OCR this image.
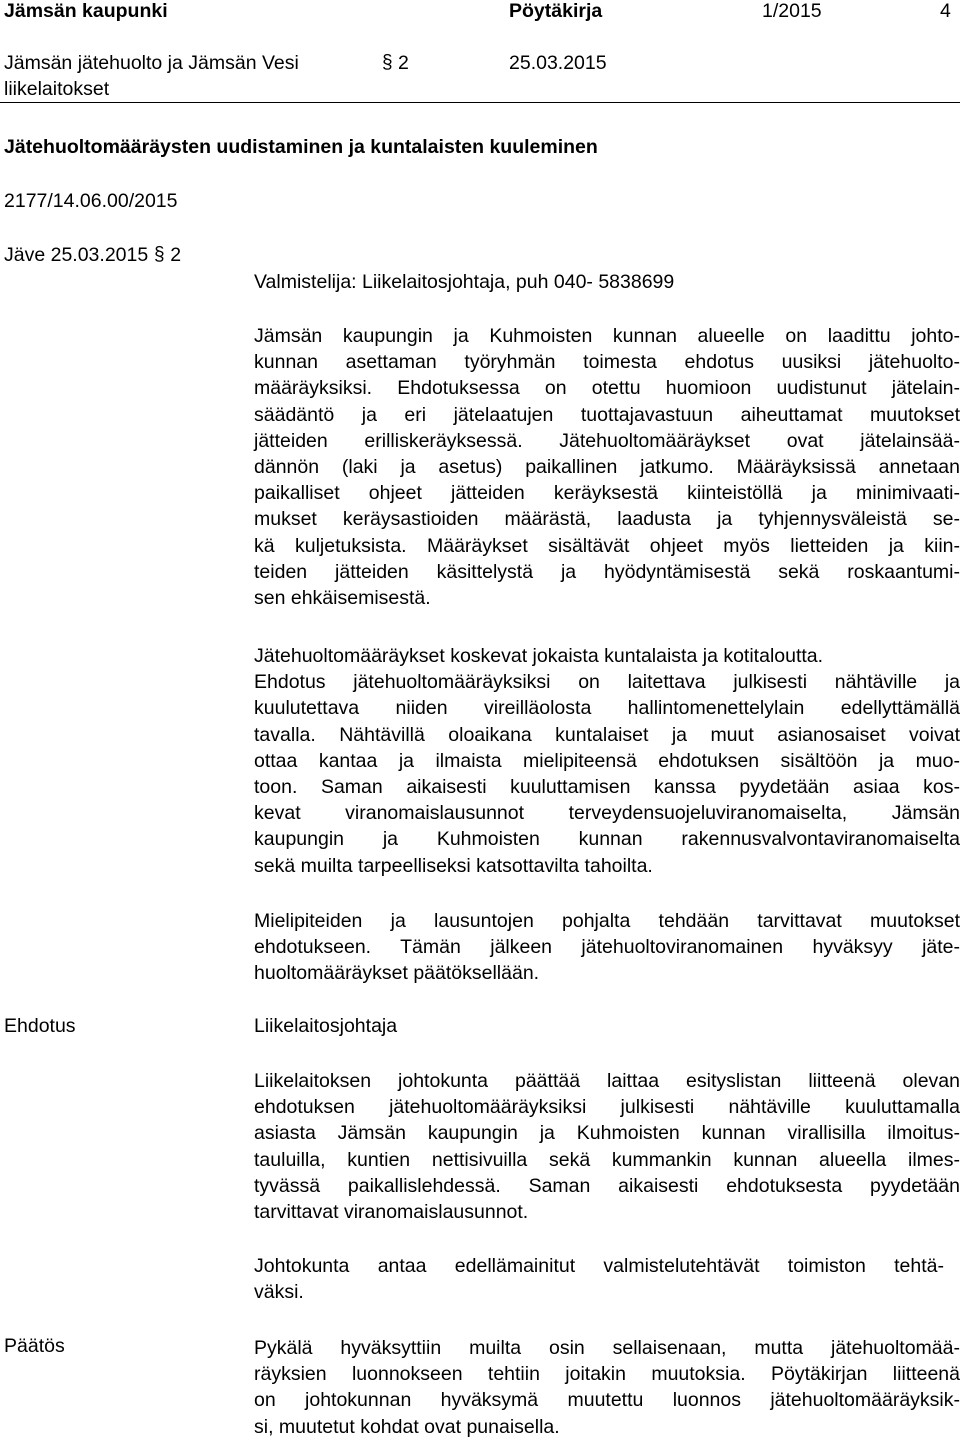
Jämsän kaupunki	Pöytäkirja	1/2015	4
Jämsän jätehuolto ja Jämsän Vesi
liikelaitokset
§ 2	25.03.2015
Jätehuoltomääräysten uudistaminen ja kuntalaisten kuuleminen
2177/14.06.00/2015
Jäve 25.03.2015 § 2
Valmistelija: Liikelaitosjohtaja, puh 040- 5838699
Jämsän kaupungin ja Kuhmoisten kunnan alueelle on laadittu johto-
kunnan asettaman työryhmän toimesta ehdotus uusiksi jätehuolto-
määräyksiksi. Ehdotuksessa on otettu huomioon uudistunut jätelain-
säädäntö ja eri jätelaatujen tuottajavastuun aiheuttamat muutokset
jätteiden erilliskeräyksessä. Jätehuoltomääräykset ovat jätelainsää-
dännön (laki ja asetus) paikallinen jatkumo. Määräyksissä annetaan
paikalliset ohjeet jätteiden keräyksestä kiinteistöllä ja minimivaati-
mukset keräysastioiden määrästä, laadusta ja tyhjennysväleistä se-
kä kuljetuksista. Määräykset sisältävät ohjeet myös lietteiden ja kiin-
teiden jätteiden käsittelystä ja hyödyntämisestä sekä roskaantumi-
sen ehkäisemisestä.
Jätehuoltomääräykset koskevat jokaista kuntalaista ja kotitaloutta.
Ehdotus jätehuoltomääräyksiksi on laitettava julkisesti nähtäville ja
kuulutettava niiden vireilläolosta hallintomenettelylain edellyttämällä
tavalla. Nähtävillä oloaikana kuntalaiset ja muut asianosaiset voivat
ottaa kantaa ja ilmaista mielipiteensä ehdotuksen sisältöön ja muo-
toon. Saman aikaisesti kuuluttamisen kanssa pyydetään asiaa kos-
kevat viranomaislausunnot terveydensuojeluviranomaiselta, Jämsän
kaupungin ja Kuhmoisten kunnan rakennusvalvontaviranomaiselta
sekä muilta tarpeelliseksi katsottavilta tahoilta.
Mielipiteiden ja lausuntojen pohjalta tehdään tarvittavat muutokset
ehdotukseen. Tämän jälkeen jätehuoltoviranomainen hyväksyy jäte-
huoltomääräykset päätöksellään.
Ehdotus	Liikelaitosjohtaja
Liikelaitoksen johtokunta päättää laittaa esityslistan liitteenä olevan
ehdotuksen jätehuoltomääräyksiksi julkisesti nähtäville kuuluttamalla
asiasta Jämsän kaupungin ja Kuhmoisten kunnan virallisilla ilmoitus-
tauluilla, kuntien nettisivuilla sekä kummankin kunnan alueella ilmes-
tyvässä paikallislehdessä. Saman aikaisesti ehdotuksesta pyydetään
tarvittavat viranomaislausunnot.
Johtokunta antaa edellämainitut valmistelutehtävät toimiston tehtä-
väksi.
Päätös	Pykälä hyväksyttiin muilta osin sellaisenaan, mutta jätehuoltomää-
räyksien luonnokseen tehtiin joitakin muutoksia. Pöytäkirjan liitteenä
on johtokunnan hyväksymä muutettu luonnos jätehuoltomääräyksik-
si, muutetut kohdat ovat punaisella.
